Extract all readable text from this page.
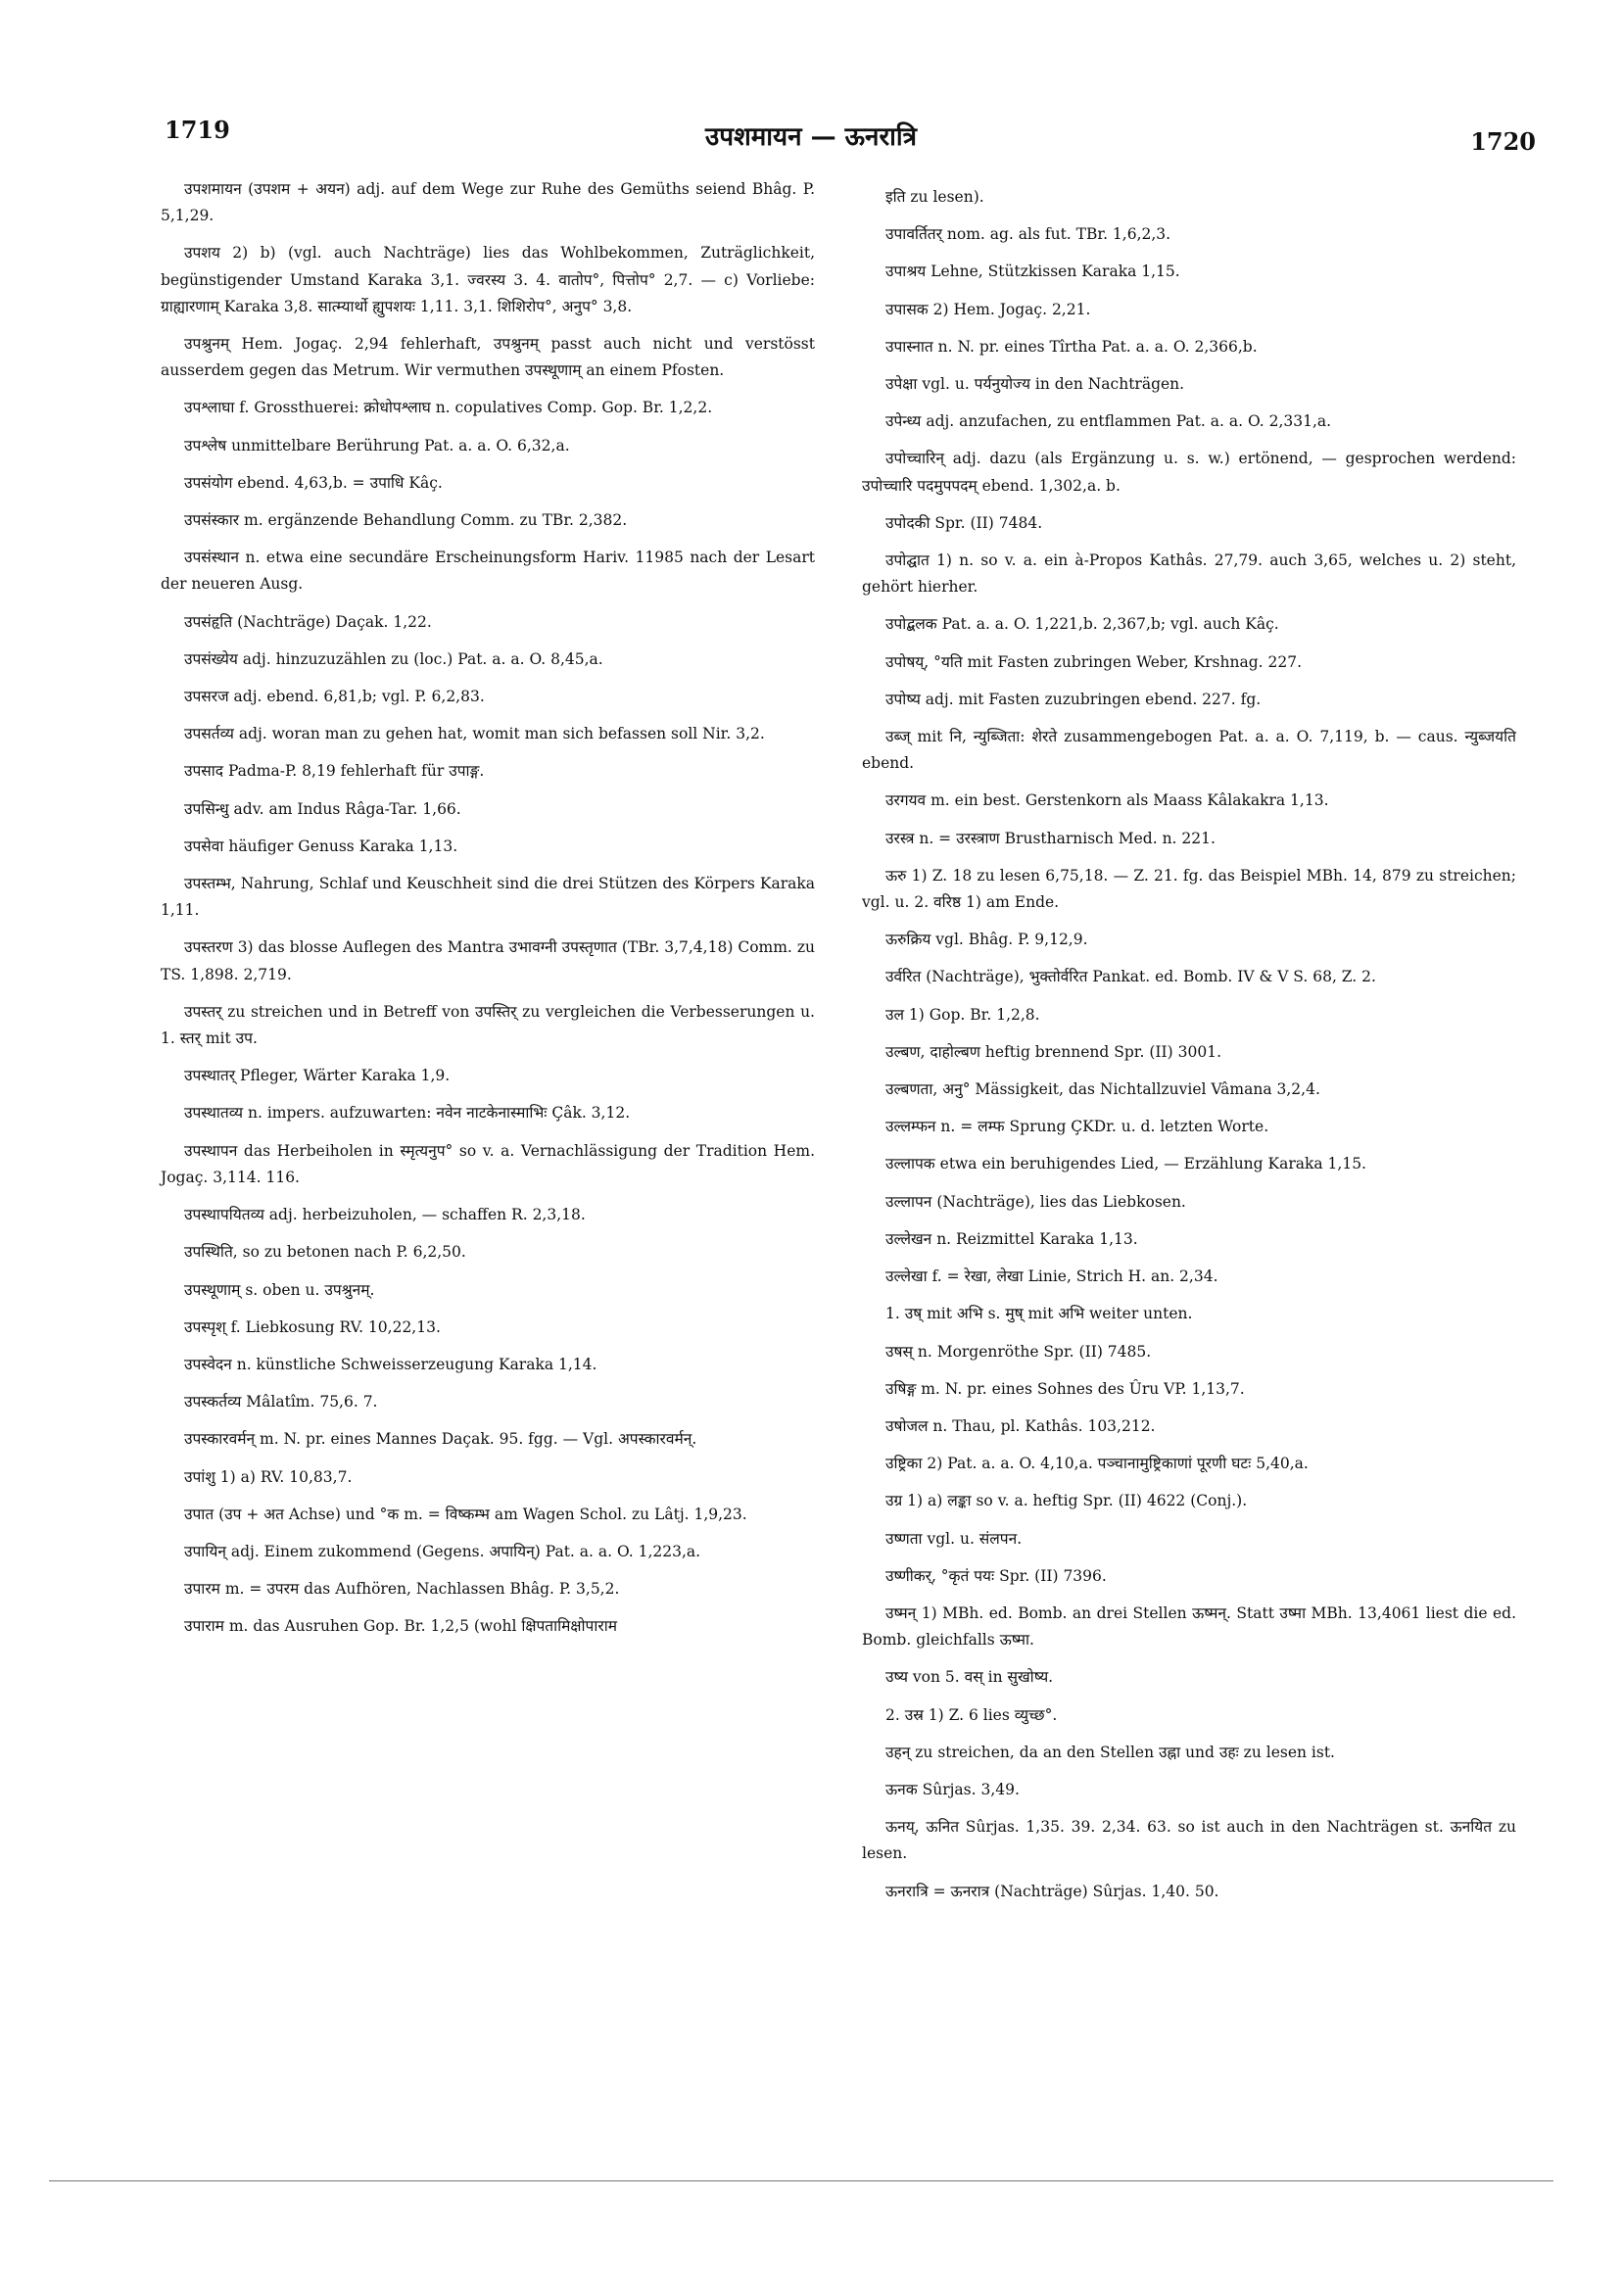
1719	उपशमायन — ऊनरात्रि	1720

उपशमायन (उपशम + अयन) adj. auf dem Wege zur Ruhe des Gemüths seiend Bhâg. P. 5,1,29.

उपशय 2) b) (vgl. auch Nachträge) lies das Wohlbekommen, Zuträglichkeit, begünstigender Umstand Karaka 3,1. ज्वरस्य 3. 4. वातोप°, पित्तोप° 2,7. — c) Vorliebe: ग्राह्यारणाम् Karaka 3,8. सात्म्यार्थो ह्युपशयः 1,11. 3,1. शिशिरोप°, अनुप° 3,8.

उपश्रुनम् Hem. Jogaç. 2,94 fehlerhaft, उपश्रुनम् passt auch nicht und verstösst ausserdem gegen das Metrum. Wir vermuthen उपस्थूणाम् an einem Pfosten.

उपश्लाघा f. Grossthuerei: क्रोधोपश्लाघ n. copulatives Comp. Gop. Br. 1,2,2.

उपश्लेष unmittelbare Berührung Pat. a. a. O. 6,32,a.

उपसंयोग ebend. 4,63,b. = उपाधि Kâç.

उपसंस्कार m. ergänzende Behandlung Comm. zu TBr. 2,382.

उपसंस्थान n. etwa eine secundäre Erscheinungsform Hariv. 11985 nach der Lesart der neueren Ausg.

उपसंहृति (Nachträge) Daçak. 1,22.

उपसंख्येय adj. hinzuzuzählen zu (loc.) Pat. a. a. O. 8,45,a.

उपसरज adj. ebend. 6,81,b; vgl. P. 6,2,83.

उपसर्तव्य adj. woran man zu gehen hat, womit man sich befassen soll Nir. 3,2.

उपसाद Padma-P. 8,19 fehlerhaft für उपाङ्ग.

उपसिन्धु adv. am Indus Râga-Tar. 1,66.

उपसेवा häufiger Genuss Karaka 1,13.

उपस्तम्भ, Nahrung, Schlaf und Keuschheit sind die drei Stützen des Körpers Karaka 1,11.

उपस्तरण 3) das blosse Auflegen des Mantra उभावग्नी उपस्तृणात (TBr. 3,7,4,18) Comm. zu TS. 1,898. 2,719.

उपस्तर् zu streichen und in Betreff von उपस्तिर् zu vergleichen die Verbesserungen u. 1. स्तर् mit उप.

उपस्थातर् Pfleger, Wärter Karaka 1,9.

उपस्थातव्य n. impers. aufzuwarten: नवेन नाटकेनास्माभिः Çâk. 3,12.

उपस्थापन das Herbeiholen in स्मृत्यनुप° so v. a. Vernachlässigung der Tradition Hem. Jogaç. 3,114. 116.

उपस्थापयितव्य adj. herbeizuholen, — schaffen R. 2,3,18.

उपस्थिति, so zu betonen nach P. 6,2,50.

उपस्थूणाम् s. oben u. उपश्रुनम्.

उपस्पृश् f. Liebkosung RV. 10,22,13.

उपस्वेदन n. künstliche Schweisserzeugung Karaka 1,14.

उपस्कर्तव्य Mâlatîm. 75,6. 7.

उपस्कारवर्मन् m. N. pr. eines Mannes Daçak. 95. fgg. — Vgl. अपस्कारवर्मन्.

उपांशु 1) a) RV. 10,83,7.

उपात (उप + अत Achse) und °क m. = विष्कम्भ am Wagen Schol. zu Lâtj. 1,9,23.

उपायिन् adj. Einem zukommend (Gegens. अपायिन्) Pat. a. a. O. 1,223,a.

उपारम m. = उपरम das Aufhören, Nachlassen Bhâg. P. 3,5,2.

उपाराम m. das Ausruhen Gop. Br. 1,2,5 (wohl क्षिपतामिक्षोपाराम

इति zu lesen).

उपावर्तितर् nom. ag. als fut. TBr. 1,6,2,3.

उपाश्रय Lehne, Stützkissen Karaka 1,15.

उपासक 2) Hem. Jogaç. 2,21.

उपास्नात n. N. pr. eines Tîrtha Pat. a. a. O. 2,366,b.

उपेक्षा vgl. u. पर्यनुयोज्य in den Nachträgen.

उपेन्ध्य adj. anzufachen, zu entflammen Pat. a. a. O. 2,331,a.

उपोच्चारिन् adj. dazu (als Ergänzung u. s. w.) ertönend, — gesprochen werdend: उपोच्चारि पदमुपपदम् ebend. 1,302,a. b.

उपोदकी Spr. (II) 7484.

उपोद्घात 1) n. so v. a. ein à-Propos Kathâs. 27,79. auch 3,65, welches u. 2) steht, gehört hierher.

उपोद्बलक Pat. a. a. O. 1,221,b. 2,367,b; vgl. auch Kâç.

उपोषय्, °यति mit Fasten zubringen Weber, Krshnag. 227.

उपोष्य adj. mit Fasten zuzubringen ebend. 227. fg.

उब्ज् mit नि, न्युब्जिता: शेरते zusammengebogen Pat. a. a. O. 7,119, b. — caus. न्युब्जयति ebend.

उरगयव m. ein best. Gerstenkorn als Maass Kâlakakra 1,13.

उरस्त्र n. = उरस्त्राण Brustharnisch Med. n. 221.

ऊरु 1) Z. 18 zu lesen 6,75,18. — Z. 21. fg. das Beispiel MBh. 14, 879 zu streichen; vgl. u. 2. वरिष्ठ 1) am Ende.

ऊरुक्रिय vgl. Bhâg. P. 9,12,9.

उर्वरित (Nachträge), भुक्तोर्वरित Pankat. ed. Bomb. IV & V S. 68, Z. 2.

उल 1) Gop. Br. 1,2,8.

उल्बण, दाहोल्बण heftig brennend Spr. (II) 3001.

उल्बणता, अनु° Mässigkeit, das Nichtallzuviel Vâmana 3,2,4.

उल्लम्फन n. = लम्फ Sprung ÇKDr. u. d. letzten Worte.

उल्लापक etwa ein beruhigendes Lied, — Erzählung Karaka 1,15.

उल्लापन (Nachträge), lies das Liebkosen.

उल्लेखन n. Reizmittel Karaka 1,13.

उल्लेखा f. = रेखा, लेखा Linie, Strich H. an. 2,34.

1. उष् mit अभि s. मुष् mit अभि weiter unten.

उषस् n. Morgenröthe Spr. (II) 7485.

उषिङ्ग m. N. pr. eines Sohnes des Ûru VP. 1,13,7.

उषोजल n. Thau, pl. Kathâs. 103,212.

उष्ट्रिका 2) Pat. a. a. O. 4,10,a. पञ्चानामुष्ट्रिकाणां पूरणी घटः 5,40,a.

उग्र 1) a) लङ्का so v. a. heftig Spr. (II) 4622 (Conj.).

उष्णता vgl. u. संलपन.

उष्णीकर्, °कृतं पयः Spr. (II) 7396.

उष्मन् 1) MBh. ed. Bomb. an drei Stellen ऊष्मन्. Statt उष्मा MBh. 13,4061 liest die ed. Bomb. gleichfalls ऊष्मा.

उष्य von 5. वस् in सुखोष्य.

2. उस्र 1) Z. 6 lies व्युच्छ°.

उहन् zu streichen, da an den Stellen उह्ना und उहः zu lesen ist.

ऊनक Sûrjas. 3,49.

ऊनय्, ऊनित Sûrjas. 1,35. 39. 2,34. 63. so ist auch in den Nachträgen st. ऊनयित zu lesen.

ऊनरात्रि = ऊनरात्र (Nachträge) Sûrjas. 1,40. 50.
